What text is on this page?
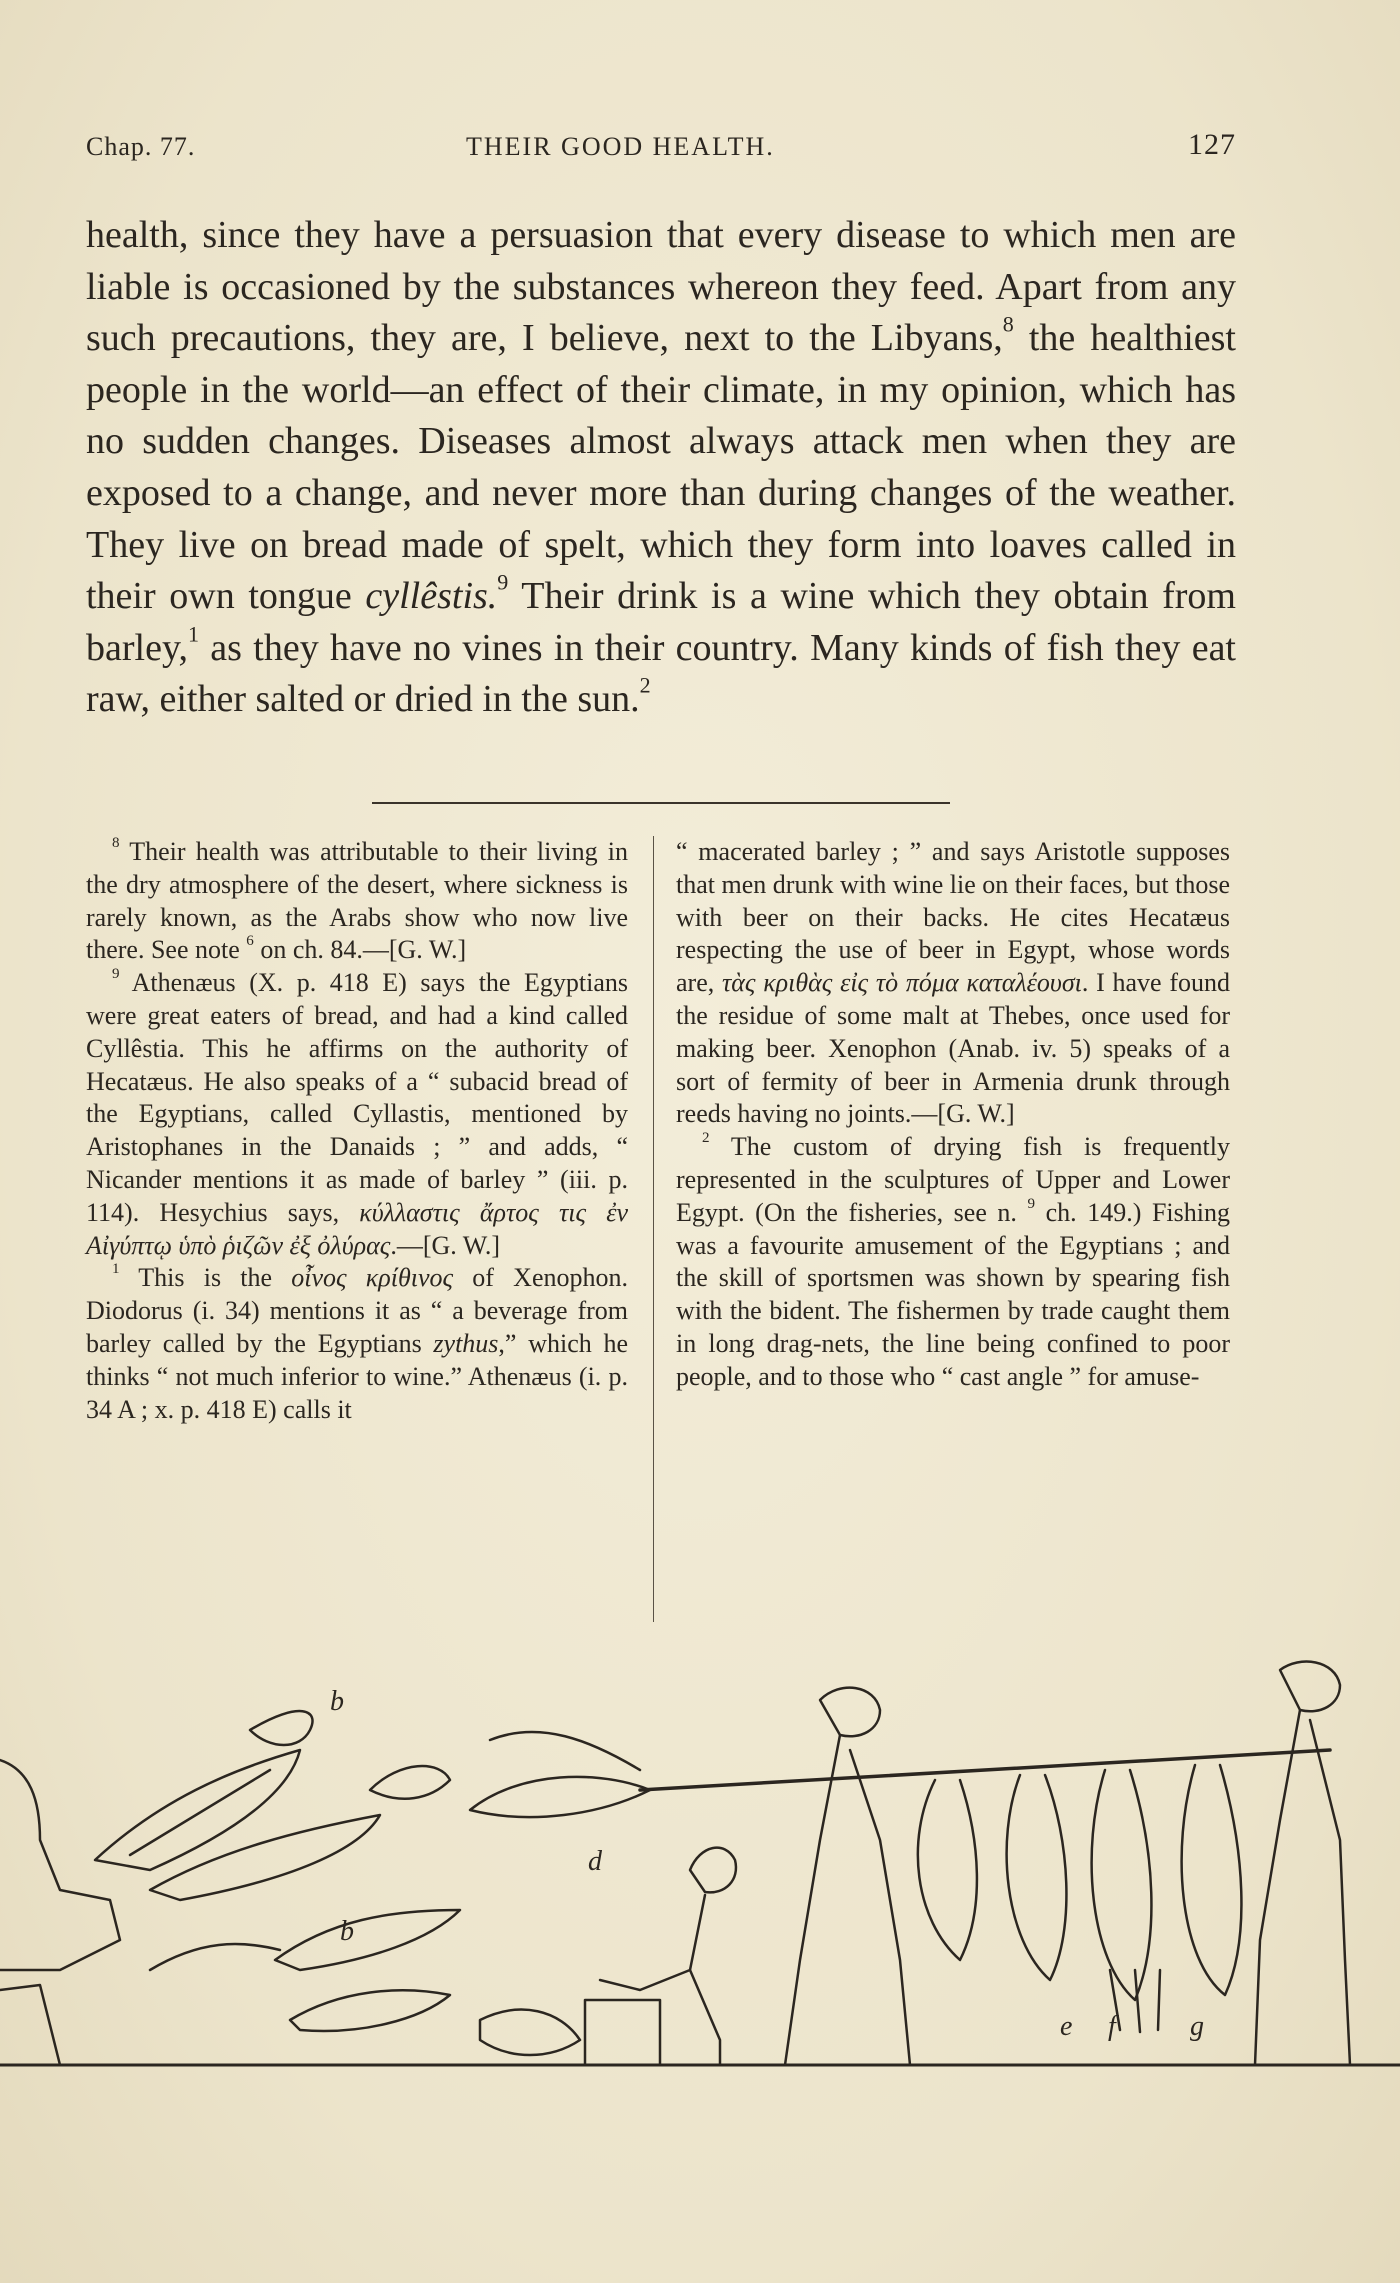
Chap. 77.	THEIR GOOD HEALTH.	127

health, since they have a persuasion that every disease to which men are liable is occasioned by the substances whereon they feed. Apart from any such precautions, they are, I believe, next to the Libyans,$^8$ the healthiest people in the world—an effect of their climate, in my opinion, which has no sudden changes. Diseases almost always attack men when they are exposed to a change, and never more than during changes of the weather. They live on bread made of spelt, which they form into loaves called in their own tongue cyllêstis.$^9$ Their drink is a wine which they obtain from barley,$^1$ as they have no vines in their country. Many kinds of fish they eat raw, either salted or dried in the sun.$^2$

$^8$ Their health was attributable to their living in the dry atmosphere of the desert, where sickness is rarely known, as the Arabs show who now live there. See note $^6$ on ch. 84.—[G. W.]

$^9$ Athenæus (X. p. 418 E) says the Egyptians were great eaters of bread, and had a kind called Cyllêstia. This he affirms on the authority of Hecatæus. He also speaks of a “ subacid bread of the Egyptians, called Cyllastis, mentioned by Aristophanes in the Danaids ; ” and adds, “ Nicander mentions it as made of barley ” (iii. p. 114). Hesychius says, κύλλαστις ἄρτος τις ἐν Αἰγύπτῳ ὑπὸ ῥιζῶν ἐξ ὀλύρας.—[G. W.]

$^1$ This is the οἶνος κρίθινος of Xenophon. Diodorus (i. 34) mentions it as “ a beverage from barley called by the Egyptians zythus,” which he thinks “ not much inferior to wine.” Athenæus (i. p. 34 A ; x. p. 418 E) calls it

“ macerated barley ; ” and says Aristotle supposes that men drunk with wine lie on their faces, but those with beer on their backs. He cites Hecatæus respecting the use of beer in Egypt, whose words are, τὰς κριθὰς εἰς τὸ πόμα καταλέουσι. I have found the residue of some malt at Thebes, once used for making beer. Xenophon (Anab. iv. 5) speaks of a sort of fermity of beer in Armenia drunk through reeds having no joints.—[G. W.]

$^2$ The custom of drying fish is frequently represented in the sculptures of Upper and Lower Egypt. (On the fisheries, see n. $^9$ ch. 149.) Fishing was a favourite amusement of the Egyptians ; and the skill of sportsmen was shown by spearing fish with the bident. The fishermen by trade caught them in long drag-nets, the line being confined to poor people, and to those who “ cast angle ” for amuse-

b
b
d
e f	g
